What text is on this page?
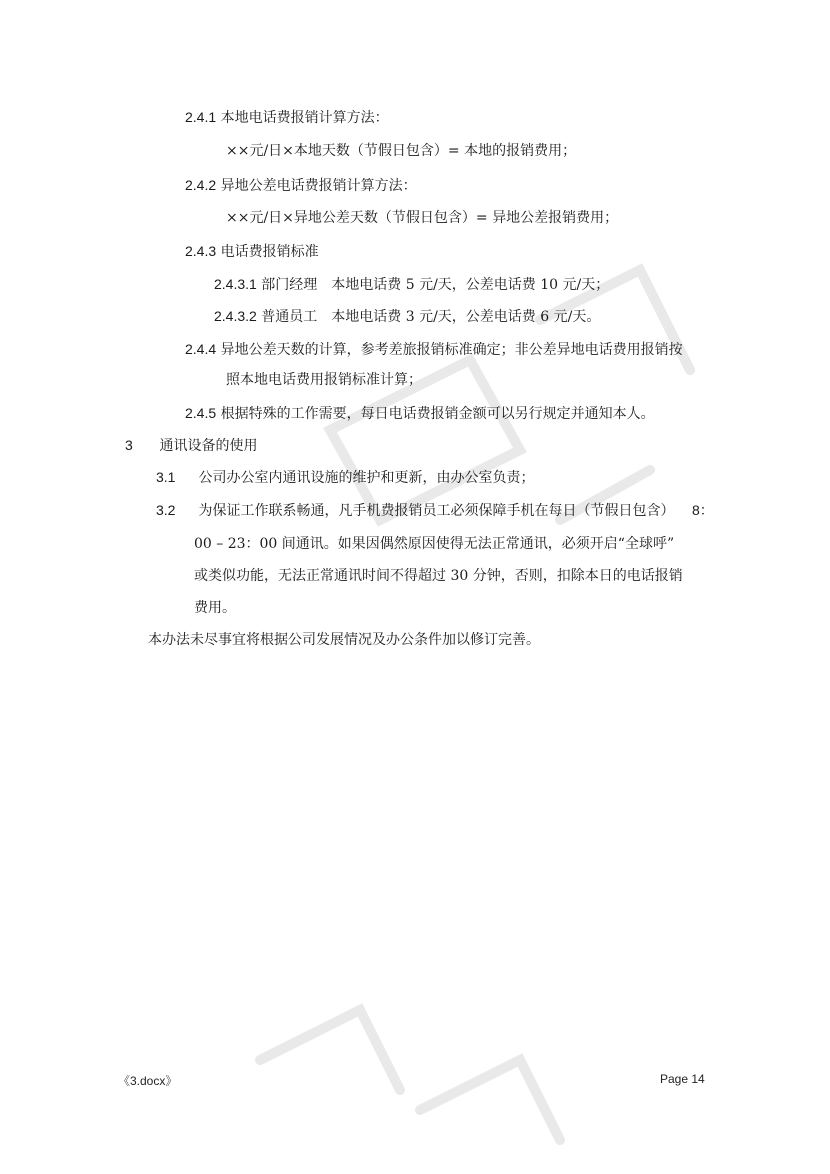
2.4.1 本地电话费报销计算方法：
××元/日×本地天数（节假日包含）= 本地的报销费用；
2.4.2 异地公差电话费报销计算方法：
××元/日×异地公差天数（节假日包含）= 异地公差报销费用；
2.4.3 电话费报销标准
2.4.3.1 部门经理　本地电话费 5 元/天，公差电话费 10 元/天；
2.4.3.2 普通员工　本地电话费 3 元/天，公差电话费 6 元/天。
2.4.4 异地公差天数的计算，参考差旅报销标准确定；非公差异地电话费用报销按
照本地电话费用报销标准计算；
2.4.5 根据特殊的工作需要，每日电话费报销金额可以另行规定并通知本人。
3 通讯设备的使用
3.1 公司办公室内通讯设施的维护和更新，由办公室负责；
3.2 为保证工作联系畅通，凡手机费报销员工必须保障手机在每日（节假日包含） 8：
00 – 23：00 间通讯。如果因偶然原因使得无法正常通讯，必须开启“全球呼”
或类似功能，无法正常通讯时间不得超过 30 分钟，否则，扣除本日的电话报销
费用。
本办法未尽事宜将根据公司发展情况及办公条件加以修订完善。
《3.docx》	Page 14
